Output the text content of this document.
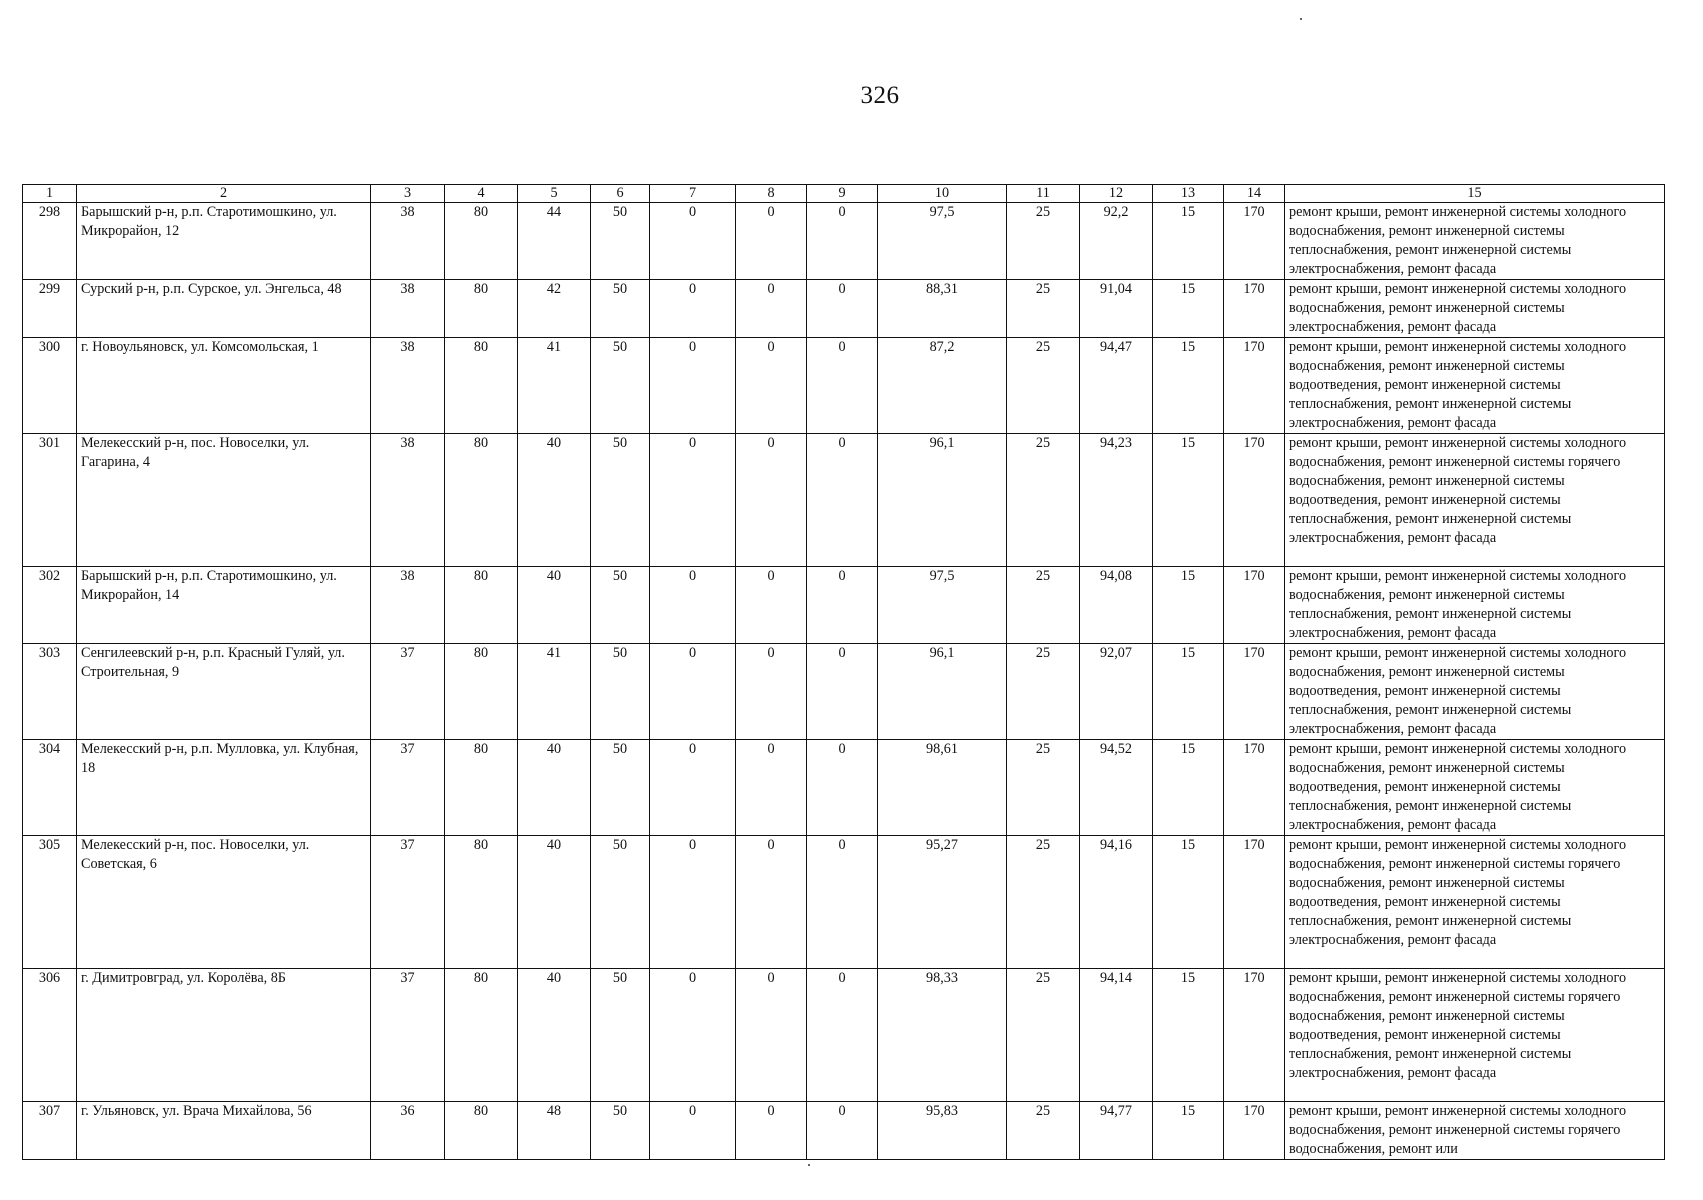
326
1	2	3	4	5	6	7	8	9	10	11	12	13	14	15
298	Барышский р-н, р.п. Старотимошкино, ул. Микрорайон, 12	38	80	44	50	0	0	0	97,5	25	92,2	15	170	ремонт крыши, ремонт инженерной системы холодного водоснабжения, ремонт инженерной системы теплоснабжения, ремонт инженерной системы электроснабжения, ремонт фасада
299	Сурский р-н, р.п. Сурское, ул. Энгельса, 48	38	80	42	50	0	0	0	88,31	25	91,04	15	170	ремонт крыши, ремонт инженерной системы холодного водоснабжения, ремонт инженерной системы электроснабжения, ремонт фасада
300	г. Новоульяновск, ул. Комсомольская, 1	38	80	41	50	0	0	0	87,2	25	94,47	15	170	ремонт крыши, ремонт инженерной системы холодного водоснабжения, ремонт инженерной системы водоотведения, ремонт инженерной системы теплоснабжения, ремонт инженерной системы электроснабжения, ремонт фасада
301	Мелекесский р-н, пос. Новоселки, ул. Гагарина, 4	38	80	40	50	0	0	0	96,1	25	94,23	15	170	ремонт крыши, ремонт инженерной системы холодного водоснабжения, ремонт инженерной системы горячего водоснабжения, ремонт инженерной системы водоотведения, ремонт инженерной системы теплоснабжения, ремонт инженерной системы электроснабжения, ремонт фасада
302	Барышский р-н, р.п. Старотимошкино, ул. Микрорайон, 14	38	80	40	50	0	0	0	97,5	25	94,08	15	170	ремонт крыши, ремонт инженерной системы холодного водоснабжения, ремонт инженерной системы теплоснабжения, ремонт инженерной системы электроснабжения, ремонт фасада
303	Сенгилеевский р-н, р.п. Красный Гуляй, ул. Строительная, 9	37	80	41	50	0	0	0	96,1	25	92,07	15	170	ремонт крыши, ремонт инженерной системы холодного водоснабжения, ремонт инженерной системы водоотведения, ремонт инженерной системы теплоснабжения, ремонт инженерной системы электроснабжения, ремонт фасада
304	Мелекесский р-н, р.п. Мулловка, ул. Клубная, 18	37	80	40	50	0	0	0	98,61	25	94,52	15	170	ремонт крыши, ремонт инженерной системы холодного водоснабжения, ремонт инженерной системы водоотведения, ремонт инженерной системы теплоснабжения, ремонт инженерной системы электроснабжения, ремонт фасада
305	Мелекесский р-н, пос. Новоселки, ул. Советская, 6	37	80	40	50	0	0	0	95,27	25	94,16	15	170	ремонт крыши, ремонт инженерной системы холодного водоснабжения, ремонт инженерной системы горячего водоснабжения, ремонт инженерной системы водоотведения, ремонт инженерной системы теплоснабжения, ремонт инженерной системы электроснабжения, ремонт фасада
306	г. Димитровград, ул. Королёва, 8Б	37	80	40	50	0	0	0	98,33	25	94,14	15	170	ремонт крыши, ремонт инженерной системы холодного водоснабжения, ремонт инженерной системы горячего водоснабжения, ремонт инженерной системы водоотведения, ремонт инженерной системы теплоснабжения, ремонт инженерной системы электроснабжения, ремонт фасада
307	г. Ульяновск, ул. Врача Михайлова, 56	36	80	48	50	0	0	0	95,83	25	94,77	15	170	ремонт крыши, ремонт инженерной системы холодного водоснабжения, ремонт инженерной системы горячего водоснабжения, ремонт или
